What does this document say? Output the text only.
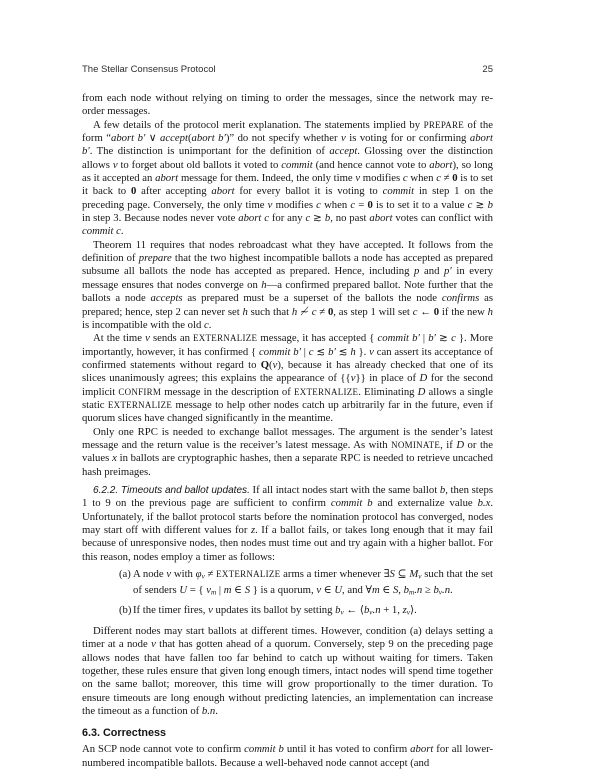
The Stellar Consensus Protocol	25

from each node without relying on timing to order the messages, since the network may re-order messages.

A few details of the protocol merit explanation. The statements implied by PREPARE of the form “abort b′ ∨ accept(abort b′)” do not specify whether v is voting for or confirming abort b′. The distinction is unimportant for the definition of accept. Glossing over the distinction allows v to forget about old ballots it voted to commit (and hence cannot vote to abort), so long as it accepted an abort message for them. Indeed, the only time v modifies c when c ≠ 0 is to set it back to 0 after accepting abort for every ballot it is voting to commit in step 1 on the preceding page. Conversely, the only time v modifies c when c = 0 is to set it to a value c ≳ b in step 3. Because nodes never vote abort c for any c ≳ b, no past abort votes can conflict with commit c.

Theorem 11 requires that nodes rebroadcast what they have accepted. It follows from the definition of prepare that the two highest incompatible ballots a node has accepted as prepared subsume all ballots the node has accepted as prepared. Hence, including p and p′ in every message ensures that nodes converge on h—a confirmed prepared ballot. Note further that the ballots a node accepts as prepared must be a superset of the ballots the node confirms as prepared; hence, step 2 can never set h such that h ≁ c ≠ 0, as step 1 will set c ← 0 if the new h is incompatible with the old c.

At the time v sends an EXTERNALIZE message, it has accepted { commit b′ | b′ ≳ c }. More importantly, however, it has confirmed { commit b′ | c ≲ b′ ≲ h }. v can assert its acceptance of confirmed statements without regard to Q(v), because it has already checked that one of its slices unanimously agrees; this explains the appearance of {{v}} in place of D for the second implicit CONFIRM message in the description of EXTERNALIZE. Eliminating D allows a single static EXTERNALIZE message to help other nodes catch up arbitrarily far in the future, even if quorum slices have changed significantly in the meantime.

Only one RPC is needed to exchange ballot messages. The argument is the sender’s latest message and the return value is the receiver’s latest message. As with NOMINATE, if D or the values x in ballots are cryptographic hashes, then a separate RPC is needed to retrieve uncached hash preimages.

6.2.2. Timeouts and ballot updates. If all intact nodes start with the same ballot b, then steps 1 to 9 on the previous page are sufficient to confirm commit b and externalize value b.x. Unfortunately, if the ballot protocol starts before the nomination protocol has converged, nodes may start off with different values for z. If a ballot fails, or takes long enough that it may fail because of unresponsive nodes, then nodes must time out and try again with a higher ballot. For this reason, nodes employ a timer as follows:

(a) A node v with φv ≠ EXTERNALIZE arms a timer whenever ∃S ⊆ Mv such that the set of senders U = { vm | m ∈ S } is a quorum, v ∈ U, and ∀m ∈ S, bm.n ≥ bv.n.
(b) If the timer fires, v updates its ballot by setting bv ← ⟨bv.n + 1, zv⟩.

Different nodes may start ballots at different times. However, condition (a) delays setting a timer at a node v that has gotten ahead of a quorum. Conversely, step 9 on the preceding page allows nodes that have fallen too far behind to catch up without waiting for timers. Taken together, these rules ensure that given long enough timers, intact nodes will spend time together on the same ballot; moreover, this time will grow proportionally to the timer duration. To ensure timeouts are long enough without predicting latencies, an implementation can increase the timeout as a function of b.n.

6.3. Correctness

An SCP node cannot vote to confirm commit b until it has voted to confirm abort for all lower-numbered incompatible ballots. Because a well-behaved node cannot accept (and
